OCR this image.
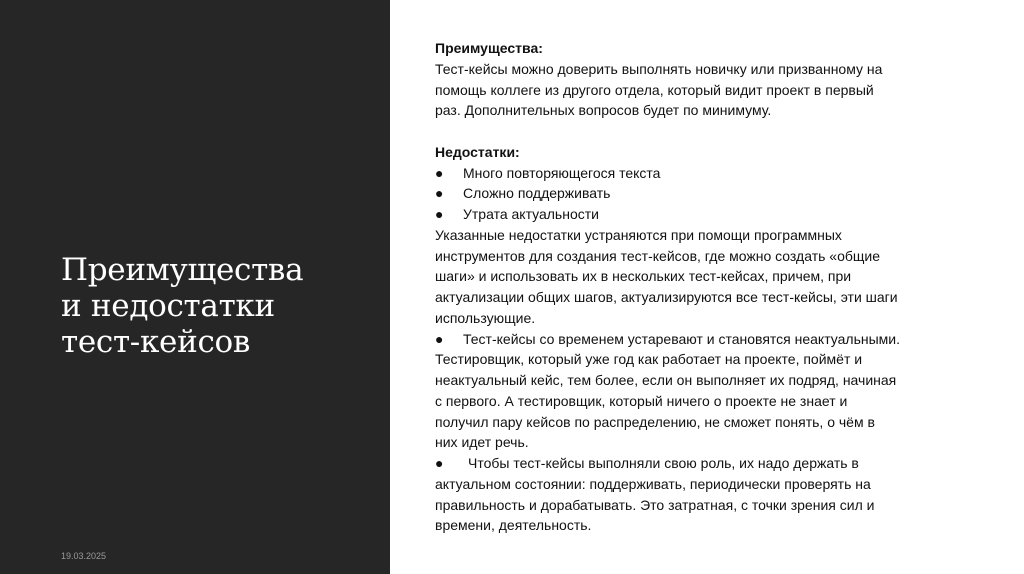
Преимущества
и недостатки
тест-кейсов
19.03.2025
Преимущества:
Тест-кейсы можно доверить выполнять новичку или призванному на
помощь коллеге из другого отдела, который видит проект в первый
раз. Дополнительных вопросов будет по минимуму.
Недостатки:
● Много повторяющегося текста
● Сложно поддерживать
● Утрата актуальности
Указанные недостатки устраняются при помощи программных
инструментов для создания тест-кейсов, где можно создать «общие
шаги» и использовать их в нескольких тест-кейсах, причем, при
актуализации общих шагов, актуализируются все тест-кейсы, эти шаги
использующие.
● Тест-кейсы со временем устаревают и становятся неактуальными.
Тестировщик, который уже год как работает на проекте, поймёт и
неактуальный кейс, тем более, если он выполняет их подряд, начиная
с первого. А тестировщик, который ничего о проекте не знает и
получил пару кейсов по распределению, не сможет понять, о чём в
них идет речь.
● Чтобы тест-кейсы выполняли свою роль, их надо держать в
актуальном состоянии: поддерживать, периодически проверять на
правильность и дорабатывать. Это затратная, с точки зрения сил и
времени, деятельность.
